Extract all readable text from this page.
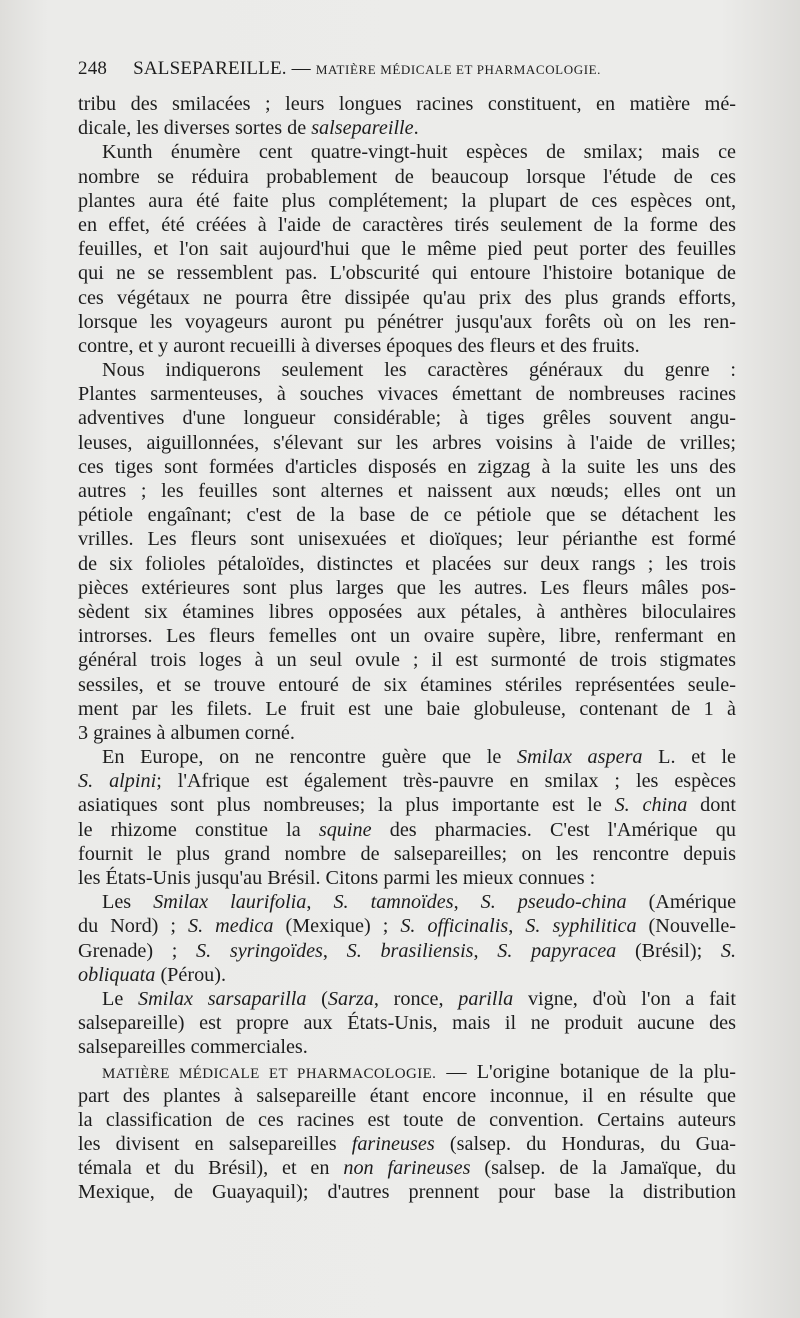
248 SALSEPAREILLE. — MATIÈRE MÉDICALE ET PHARMACOLOGIE.
tribu des smilacées ; leurs longues racines constituent, en matière mé-
dicale, les diverses sortes de salsepareille.
Kunth énumère cent quatre-vingt-huit espèces de smilax; mais ce
nombre se réduira probablement de beaucoup lorsque l'étude de ces
plantes aura été faite plus complétement; la plupart de ces espèces ont,
en effet, été créées à l'aide de caractères tirés seulement de la forme des
feuilles, et l'on sait aujourd'hui que le même pied peut porter des feuilles
qui ne se ressemblent pas. L'obscurité qui entoure l'histoire botanique de
ces végétaux ne pourra être dissipée qu'au prix des plus grands efforts,
lorsque les voyageurs auront pu pénétrer jusqu'aux forêts où on les ren-
contre, et y auront recueilli à diverses époques des fleurs et des fruits.
Nous indiquerons seulement les caractères généraux du genre :
Plantes sarmenteuses, à souches vivaces émettant de nombreuses racines
adventives d'une longueur considérable; à tiges grêles souvent angu-
leuses, aiguillonnées, s'élevant sur les arbres voisins à l'aide de vrilles;
ces tiges sont formées d'articles disposés en zigzag à la suite les uns des
autres ; les feuilles sont alternes et naissent aux nœuds; elles ont un
pétiole engaînant; c'est de la base de ce pétiole que se détachent les
vrilles. Les fleurs sont unisexuées et dioïques; leur périanthe est formé
de six folioles pétaloïdes, distinctes et placées sur deux rangs ; les trois
pièces extérieures sont plus larges que les autres. Les fleurs mâles pos-
sèdent six étamines libres opposées aux pétales, à anthères biloculaires
introrses. Les fleurs femelles ont un ovaire supère, libre, renfermant en
général trois loges à un seul ovule ; il est surmonté de trois stigmates
sessiles, et se trouve entouré de six étamines stériles représentées seule-
ment par les filets. Le fruit est une baie globuleuse, contenant de 1 à
3 graines à albumen corné.
En Europe, on ne rencontre guère que le Smilax aspera L. et le
S. alpini; l'Afrique est également très-pauvre en smilax ; les espèces
asiatiques sont plus nombreuses; la plus importante est le S. china dont
le rhizome constitue la squine des pharmacies. C'est l'Amérique qu
fournit le plus grand nombre de salsepareilles; on les rencontre depuis
les États-Unis jusqu'au Brésil. Citons parmi les mieux connues :
Les Smilax laurifolia, S. tamnoïdes, S. pseudo-china (Amérique
du Nord) ; S. medica (Mexique) ; S. officinalis, S. syphilitica (Nouvelle-
Grenade) ; S. syringoïdes, S. brasiliensis, S. papyracea (Brésil); S.
obliquata (Pérou).
Le Smilax sarsaparilla (Sarza, ronce, parilla vigne, d'où l'on a fait
salsepareille) est propre aux États-Unis, mais il ne produit aucune des
salsepareilles commerciales.
MATIÈRE MÉDICALE ET PHARMACOLOGIE. — L'origine botanique de la plu-
part des plantes à salsepareille étant encore inconnue, il en résulte que
la classification de ces racines est toute de convention. Certains auteurs
les divisent en salsepareilles farineuses (salsep. du Honduras, du Gua-
témala et du Brésil), et en non farineuses (salsep. de la Jamaïque, du
Mexique, de Guayaquil); d'autres prennent pour base la distribution
